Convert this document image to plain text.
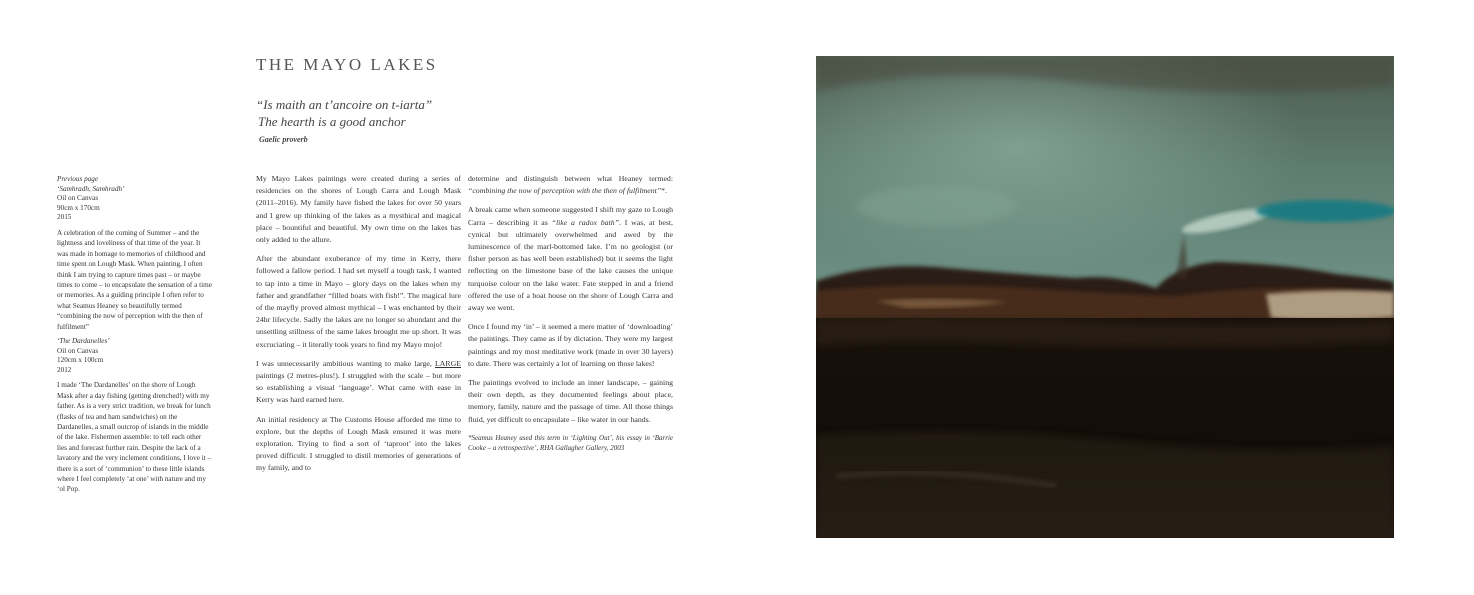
THE MAYO LAKES
“Is maith an t’ancoire on t-iarta”
The hearth is a good anchor
Gaelic proverb
Previous page
‘Samhradh, Samhradh’
Oil on Canvas
90cm x 170cm
2015

A celebration of the coming of Summer – and the lightness and loveliness of that time of the year. It was made in homage to memories of childhood and time spent on Lough Mask. When painting, I often think I am trying to capture times past – or maybe times to come – to encapsulate the sensation of a time or memories. As a guiding principle I often refer to what Seamus Heaney so beautifully termed “combining the now of perception with the then of fulfilment”

‘The Dardanelles’
Oil on Canvas
120cm x 100cm
2012

I made ‘The Dardanelles’ on the shore of Lough Mask after a day fishing (getting drenched!) with my father. As is a very strict tradition, we break for lunch (flasks of tea and ham sandwiches) on the Dardanelles, a small outcrop of islands in the middle of the lake. Fishermen assemble: to tell each other lies and forecast further rain. Despite the lack of a lavatory and the very inclement conditions, I love it – there is a sort of ‘communion’ to these little islands where I feel completely ‘at one’ with nature and my ‘ol Pop.

My Mayo Lakes paintings were created during a series of residencies on the shores of Lough Carra and Lough Mask (2011–2016). My family have fished the lakes for over 50 years and I grew up thinking of the lakes as a mysthical and magical place – bountiful and beautiful. My own time on the lakes has only added to the allure.

After the abundant exuberance of my time in Kerry, there followed a fallow period. I had set myself a tough task, I wanted to tap into a time in Mayo – glory days on the lakes when my father and grandfather “filled boats with fish!”. The magical lure of the mayfly proved almost mythical – I was enchanted by their 24hr lifecycle. Sadly the lakes are no longer so abundant and the unsettling stillness of the same lakes brought me up short. It was excruciating – it literally took years to find my Mayo mojo!

I was unnecessarily ambitious wanting to make large, LARGE paintings (2 metres-plus!). I struggled with the scale – but more so establishing a visual ‘language’. What came with ease in Kerry was hard earned here.

An initial residency at The Customs House afforded me time to explore, but the depths of Lough Mask ensured it was mere exploration. Trying to find a sort of ‘taproot’ into the lakes proved difficult. I struggled to distil memories of generations of my family, and to

determine and distinguish between what Heaney termed: “combining the now of perception with the then of fulfilment”*.

A break came when someone suggested I shift my gaze to Lough Carra – describing it as “like a radox bath”. I was, at best, cynical but ultimately overwhelmed and awed by the luminescence of the marl-bottomed lake. I’m no geologist (or fisher person as has well been established) but it seems the light reflecting on the limestone base of the lake causes the unique turquoise colour on the lake water. Fate stepped in and a friend offered the use of a boat house on the shore of Lough Carra and away we went.

Once I found my ‘in’ – it seemed a mere matter of ‘downloading’ the paintings. They came as if by dictation. They were my largest paintings and my most meditative work (made in over 30 layers) to date. There was certainly a lot of learning on those lakes!

The paintings evolved to include an inner landscape, – gaining their own depth, as they documented feelings about place, memory, family, nature and the passage of time. All those things fluid, yet difficult to encapsulate – like water in our hands.

*Seamus Heaney used this term in ‘Lighting Out’, his essay in ‘Barrie Cooke – a retrospective’, RHA Gallagher Gallery, 2003
